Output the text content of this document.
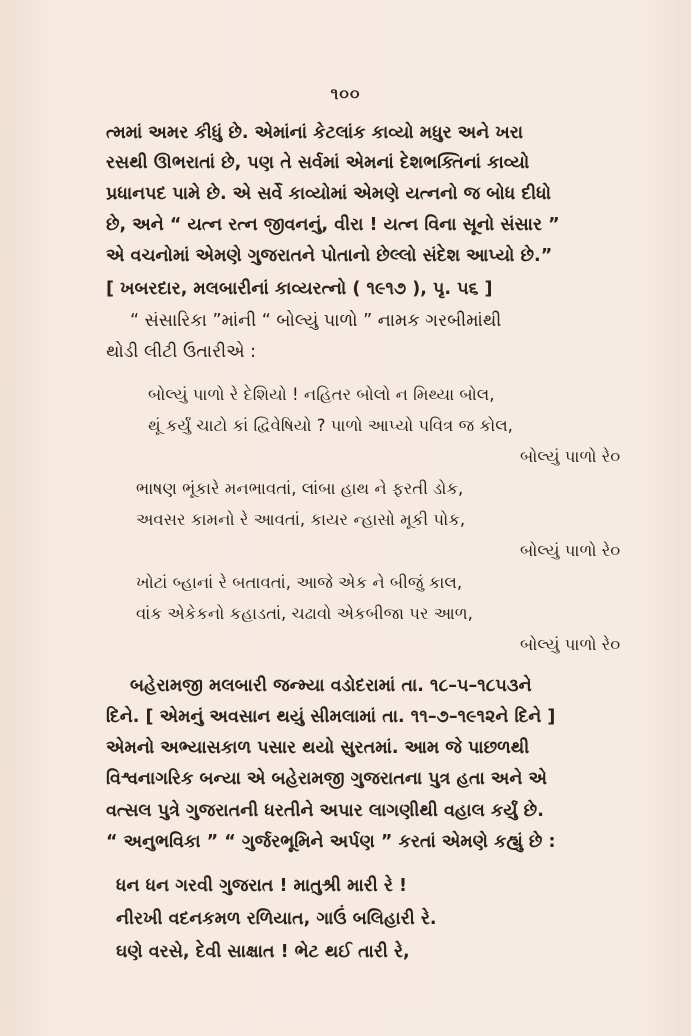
૧૦૦
ત્મમાં અમર કીધું છે. એમાંનાં કેટલાંક કાવ્યો મધુર અને ખરા
રસથી ઊભરાતાં છે, પણ તે સર્વમાં એમનાં દેશભક્તિનાં કાવ્યો
પ્રધાનપદ પામે છે. એ સર્વે કાવ્યોમાં એમણે યત્નનો જ બોધ દીધો
છે, અને “ યત્ન રત્ન જીવનનું, વીરા ! યત્ન વિના સૂનો સંસાર ”
એ વચનોમાં એમણે ગુજરાતને પોતાનો છેલ્લો સંદેશ આપ્યો છે.”
[ ખબરદાર, મલબારીનાં કાવ્યરત્નો ( ૧૯૧૭ ), પૃ. ૫૬ ]
“ સંસારિકા ”માંની “ બોલ્યું પાળો ” નામક ગરબીમાંથી
થોડી લીટી ઉતારીએ :
બોલ્યું પાળો રે દેશિયો ! નહિતર બોલો ન મિથ્યા બોલ,
થૂં કર્યું ચાટો કાં દ્વિવેષિયો ? પાળો આપ્યો પવિત્ર જ કોલ,
બોલ્યું પાળો રે૦
ભાષણ ભૂંકારે મનભાવતાં, લાંબા હાથ ને ફરતી ડોક,
અવસર કામનો રે આવતાં, કાયર ન્હાસો મૂકી પોક,
બોલ્યું પાળો રે૦
ખોટાં બ્હાનાં રે બતાવતાં, આજે એક ને બીજું કાલ,
વાંક એકેકનો કહાડતાં, ચઢાવો એકબીજા પર આળ,
બોલ્યું પાળો રે૦
બહેરામજી મલબારી જન્મ્યા વડોદરામાં તા. ૧૮–૫–૧૮૫૩ને
દિને. [ એમનું અવસાન થયું સીમલામાં તા. ૧૧–૭–૧૯૧૨ને દિને ]
એમનો અભ્યાસકાળ પસાર થયો સુરતમાં. આમ જે પાછળથી
વિશ્વનાગરિક બન્યા એ બહેરામજી ગુજરાતના પુત્ર હતા અને એ
વત્સલ પુત્રે ગુજરાતની ધરતીને અપાર લાગણીથી વહાલ કર્યું છે.
“ અનુભવિકા ” “ ગુર્જરભૂમિને અર્પણ ” કરતાં એમણે કહ્યું છે :
ધન ધન ગરવી ગુજરાત ! માતુશ્રી મારી રે !
નીરખી વદનકમળ રળિયાત, ગાઉં બલિહારી રે.
ઘણે વરસે, દેવી સાક્ષાત ! ભેટ થઈ તારી રે,
